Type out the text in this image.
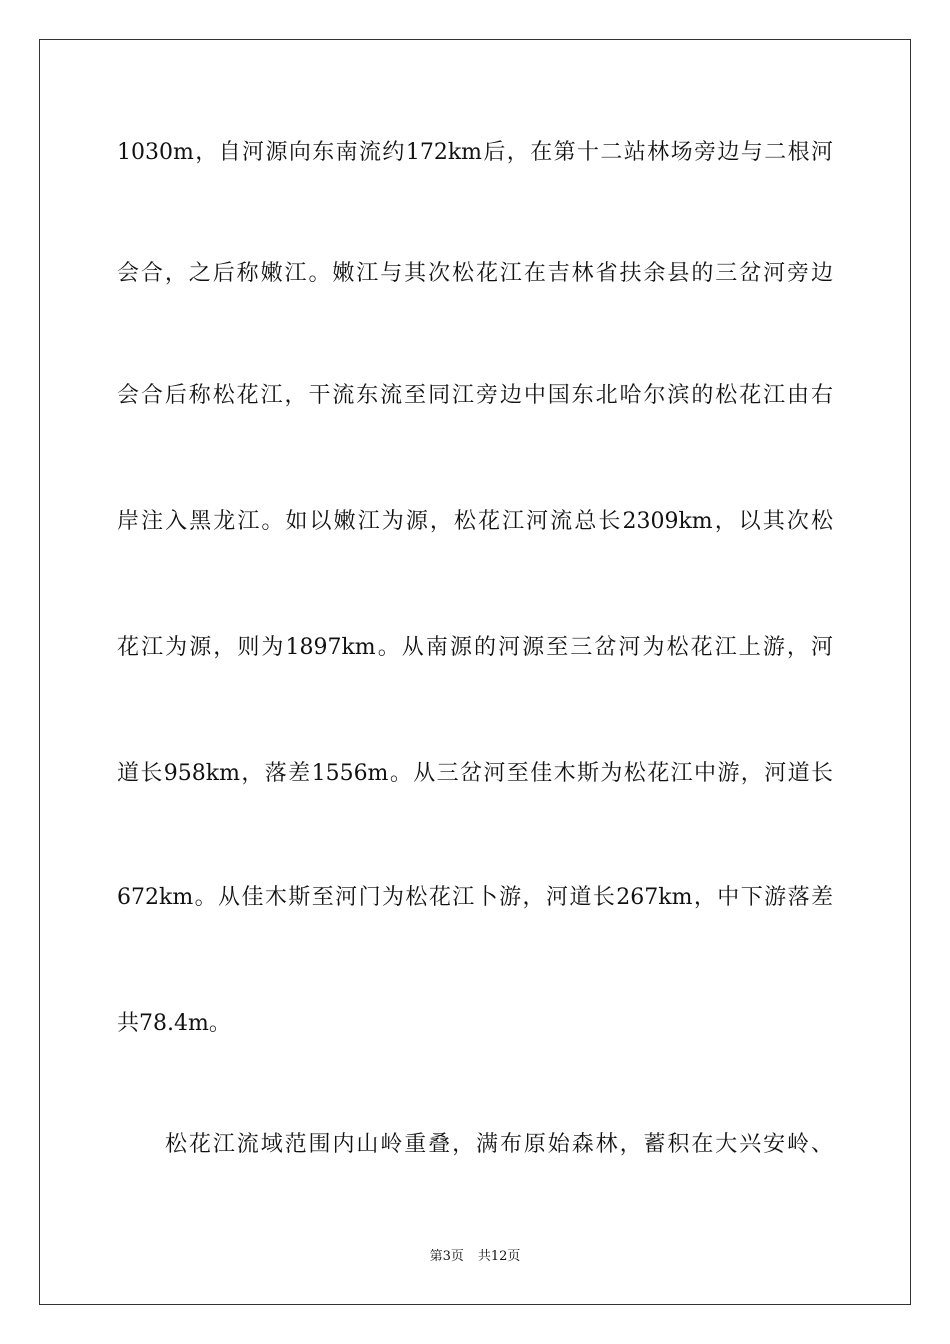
1030m，自河源向东南流约172km后，在第十二站林场旁边与二根河
会合，之后称嫩江。嫩江与其次松花江在吉林省扶余县的三岔河旁边
会合后称松花江，干流东流至同江旁边中国东北哈尔滨的松花江由右
岸注入黑龙江。如以嫩江为源，松花江河流总长2309km，以其次松
花江为源，则为1897km。从南源的河源至三岔河为松花江上游，河
道长958km，落差1556m。从三岔河至佳木斯为松花江中游，河道长
672km。从佳木斯至河门为松花江卜游，河道长267km，中下游落差
共78.4m。
松花江流域范围内山岭重叠，满布原始森林，蓄积在大兴安岭、
第3页 共12页
